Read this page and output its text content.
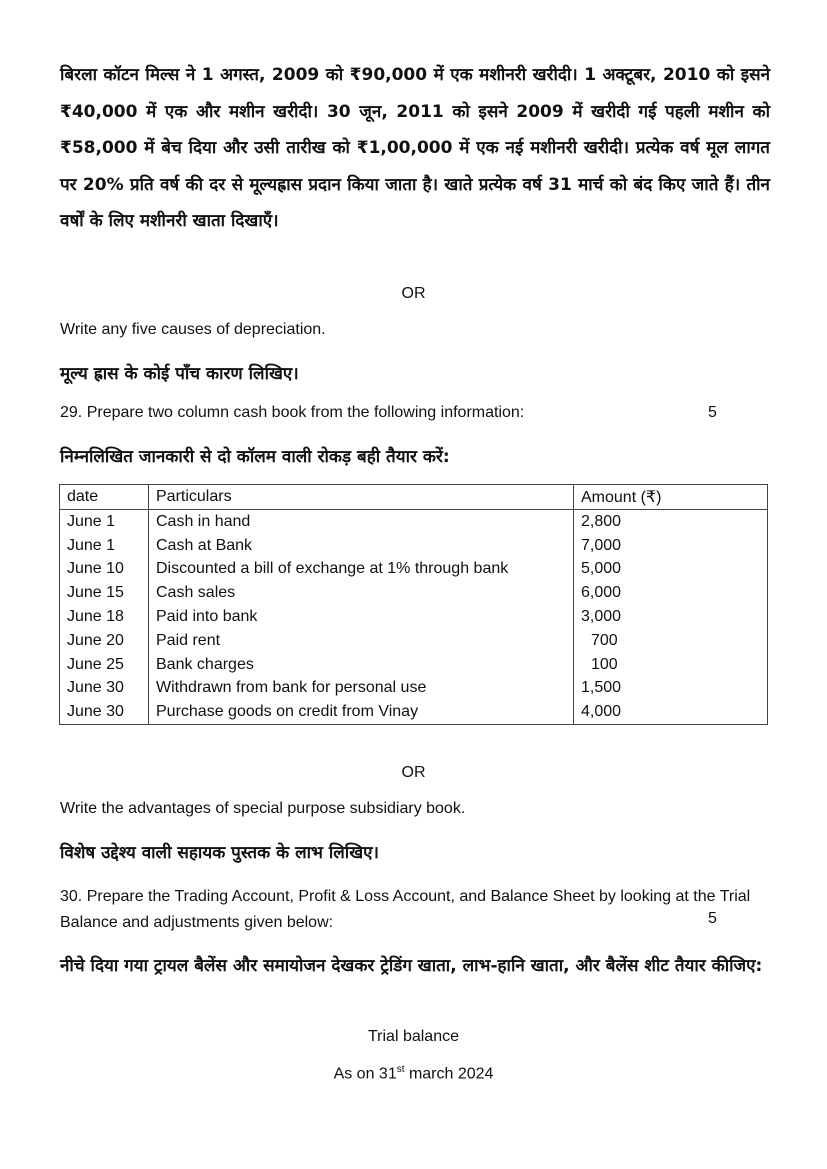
बिरला कॉटन मिल्स ने 1 अगस्त, 2009 को ₹90,000 में एक मशीनरी खरीदी। 1 अक्टूबर, 2010 को इसने ₹40,000 में एक और मशीन खरीदी। 30 जून, 2011 को इसने 2009 में खरीदी गई पहली मशीन को ₹58,000 में बेच दिया और उसी तारीख को ₹1,00,000 में एक नई मशीनरी खरीदी। प्रत्येक वर्ष मूल लागत पर 20% प्रति वर्ष की दर से मूल्यह्रास प्रदान किया जाता है। खाते प्रत्येक वर्ष 31 मार्च को बंद किए जाते हैं। तीन वर्षों के लिए मशीनरी खाता दिखाएँ।

OR

Write any five causes of depreciation.

मूल्य ह्रास के कोई पाँच कारण लिखिए।

29. Prepare two column cash book from the following information:	5

निम्नलिखित जानकारी से दो कॉलम वाली रोकड़ बही तैयार करें:

date	Particulars	Amount (₹)
June 1	Cash in hand	2,800
June 1	Cash at Bank	7,000
June 10	Discounted a bill of exchange at 1% through bank	5,000
June 15	Cash sales	6,000
June 18	Paid into bank	3,000
June 20	Paid rent	700
June 25	Bank charges	100
June 30	Withdrawn from bank for personal use	1,500
June 30	Purchase goods on credit from Vinay	4,000

OR

Write the advantages of special purpose subsidiary book.

विशेष उद्देश्य वाली सहायक पुस्तक के लाभ लिखिए।

30. Prepare the Trading Account, Profit & Loss Account, and Balance Sheet by looking at the Trial Balance and adjustments given below:	5

नीचे दिया गया ट्रायल बैलेंस और समायोजन देखकर ट्रेडिंग खाता, लाभ-हानि खाता, और बैलेंस शीट तैयार कीजिए:

Trial balance

As on 31st march 2024
